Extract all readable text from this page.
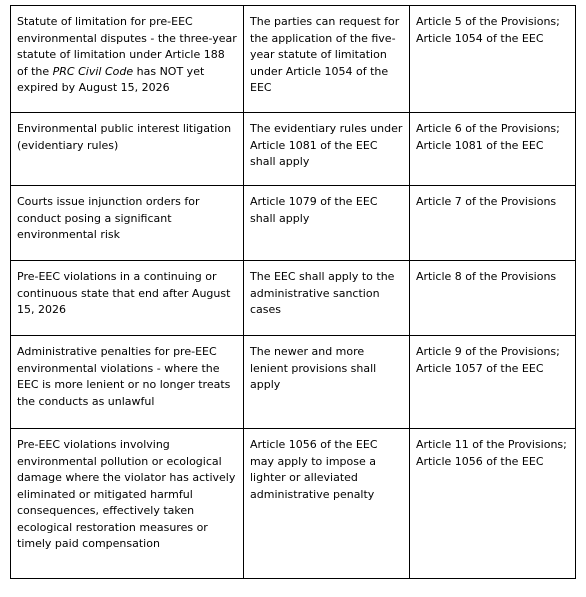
Statute of limitation for pre-EEC environmental disputes - the three-year statute of limitation under Article 188 of the PRC Civil Code has NOT yet expired by August 15, 2026	The parties can request for the application of the five-year statute of limitation under Article 1054 of the EEC	Article 5 of the Provisions; Article 1054 of the EEC
Environmental public interest litigation (evidentiary rules)	The evidentiary rules under Article 1081 of the EEC shall apply	Article 6 of the Provisions; Article 1081 of the EEC
Courts issue injunction orders for conduct posing a significant environmental risk	Article 1079 of the EEC shall apply	Article 7 of the Provisions
Pre-EEC violations in a continuing or continuous state that end after August 15, 2026	The EEC shall apply to the administrative sanction cases	Article 8 of the Provisions
Administrative penalties for pre-EEC environmental violations - where the EEC is more lenient or no longer treats the conducts as unlawful	The newer and more lenient provisions shall apply	Article 9 of the Provisions; Article 1057 of the EEC
Pre-EEC violations involving environmental pollution or ecological damage where the violator has actively eliminated or mitigated harmful consequences, effectively taken ecological restoration measures or timely paid compensation	Article 1056 of the EEC may apply to impose a lighter or alleviated administrative penalty	Article 11 of the Provisions; Article 1056 of the EEC
